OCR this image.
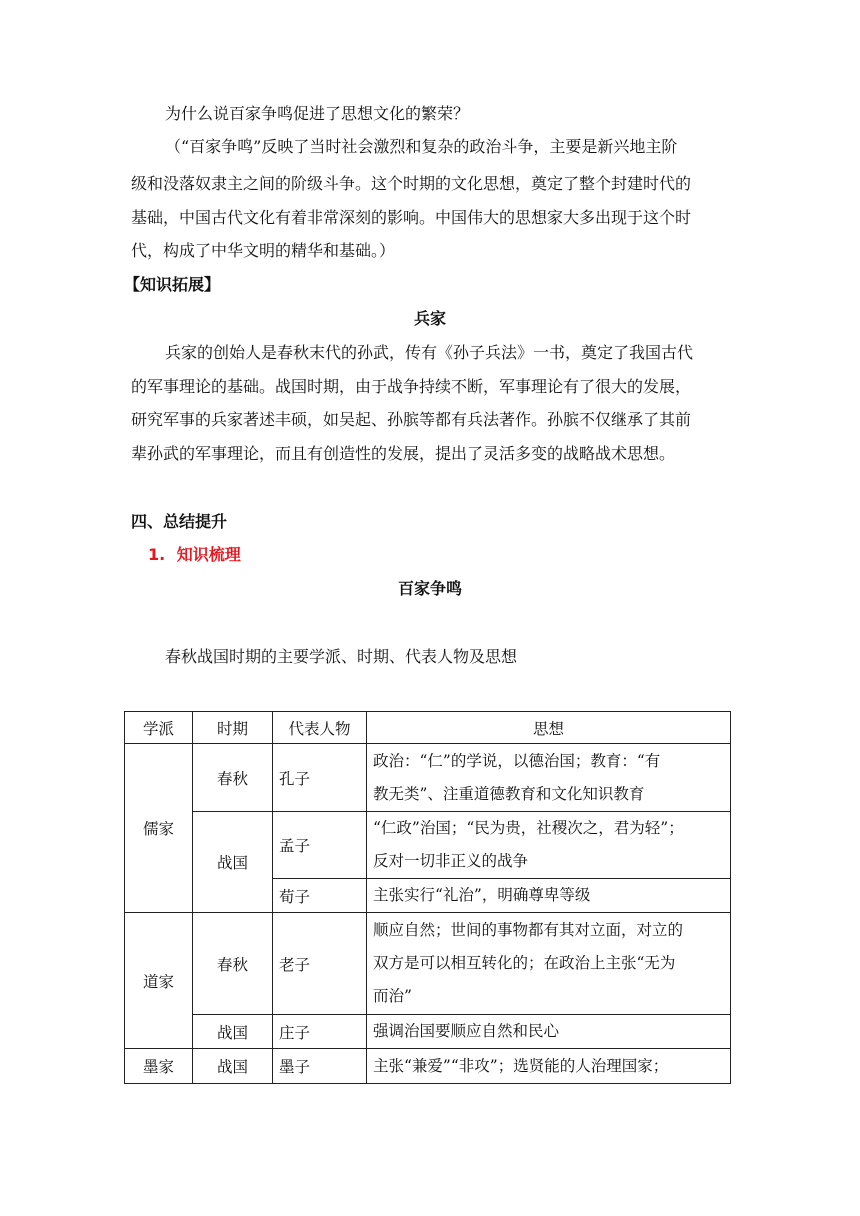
为什么说百家争鸣促进了思想文化的繁荣？
（“百家争鸣”反映了当时社会激烈和复杂的政治斗争，主要是新兴地主阶
级和没落奴隶主之间的阶级斗争。这个时期的文化思想，奠定了整个封建时代的
基础，中国古代文化有着非常深刻的影响。中国伟大的思想家大多出现于这个时
代，构成了中华文明的精华和基础。）
【知识拓展】
兵家
兵家的创始人是春秋末代的孙武，传有《孙子兵法》一书，奠定了我国古代
的军事理论的基础。战国时期，由于战争持续不断，军事理论有了很大的发展，
研究军事的兵家著述丰硕，如吴起、孙膑等都有兵法著作。孙膑不仅继承了其前
辈孙武的军事理论，而且有创造性的发展，提出了灵活多变的战略战术思想。
四、总结提升
1. 知识梳理
百家争鸣
春秋战国时期的主要学派、时期、代表人物及思想
学派	时期	代表人物	思想
儒家	春秋	孔子	政治：“仁”的学说，以德治国；教育：“有
教无类”、注重道德教育和文化知识教育

	战国	孟子	“仁政”治国；“民为贵，社稷次之，君为轻”；
反对一切非正义的战争

		荀子	主张实行“礼治”，明确尊卑等级
道家	春秋	老子	顺应自然；世间的事物都有其对立面，对立的
双方是可以相互转化的；在政治上主张“无为
而治”

	战国	庄子	强调治国要顺应自然和民心
墨家	战国	墨子	主张“兼爱”“非攻”；选贤能的人治理国家；
